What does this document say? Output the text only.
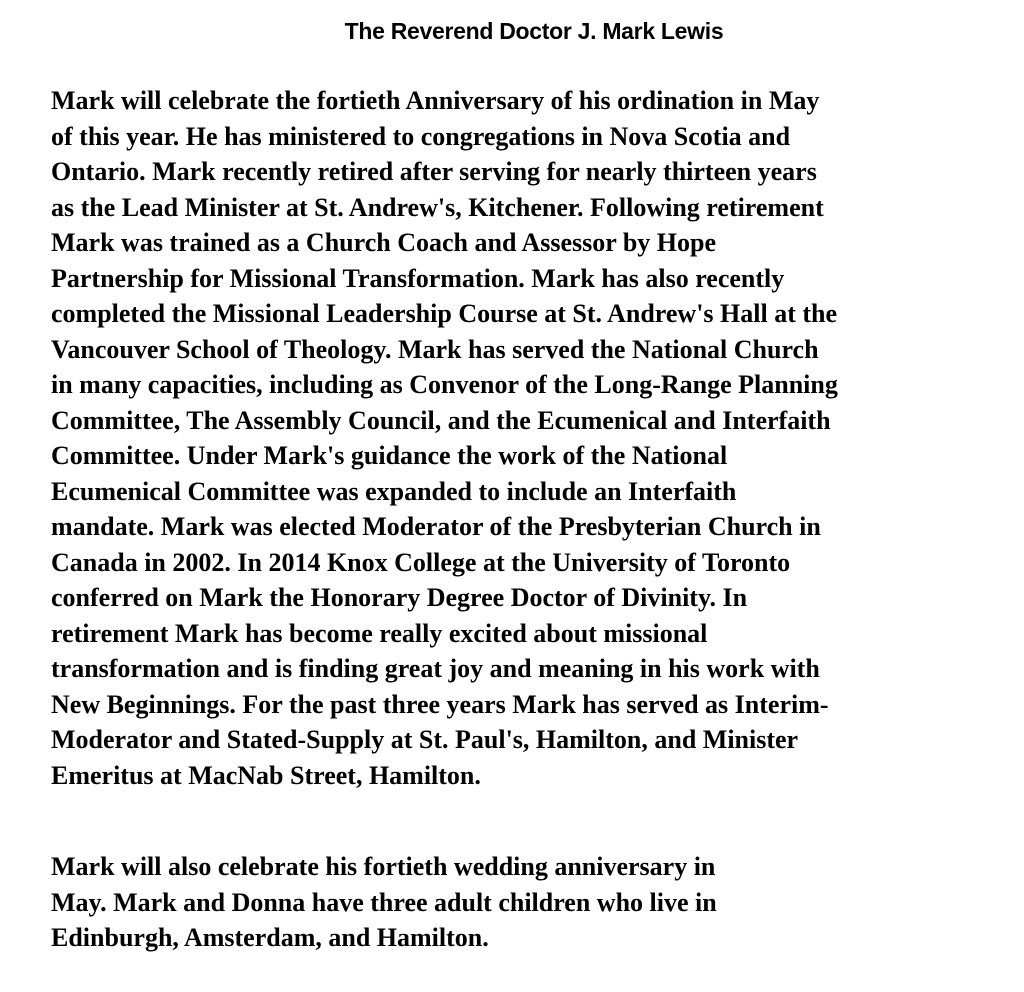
The Reverend Doctor J. Mark Lewis

Mark will celebrate the fortieth Anniversary of his ordination in May
of this year. He has ministered to congregations in Nova Scotia and
Ontario. Mark recently retired after serving for nearly thirteen years
as the Lead Minister at St. Andrew's, Kitchener. Following retirement
Mark was trained as a Church Coach and Assessor by Hope
Partnership for Missional Transformation. Mark has also recently
completed the Missional Leadership Course at St. Andrew's Hall at the
Vancouver School of Theology. Mark has served the National Church
in many capacities, including as Convenor of the Long-Range Planning
Committee, The Assembly Council, and the Ecumenical and Interfaith
Committee. Under Mark's guidance the work of the National
Ecumenical Committee was expanded to include an Interfaith
mandate. Mark was elected Moderator of the Presbyterian Church in
Canada in 2002. In 2014 Knox College at the University of Toronto
conferred on Mark the Honorary Degree Doctor of Divinity. In
retirement Mark has become really excited about missional
transformation and is finding great joy and meaning in his work with
New Beginnings. For the past three years Mark has served as Interim-
Moderator and Stated-Supply at St. Paul's, Hamilton, and Minister
Emeritus at MacNab Street, Hamilton.

Mark will also celebrate his fortieth wedding anniversary in
May. Mark and Donna have three adult children who live in
Edinburgh, Amsterdam, and Hamilton.
